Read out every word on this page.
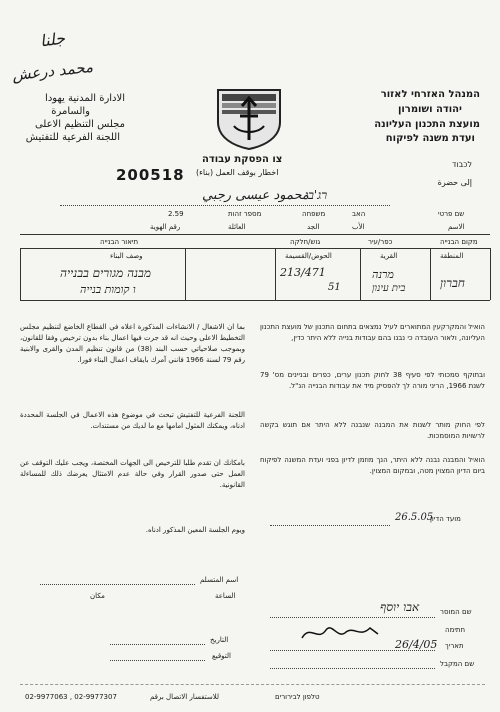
جلنا
محمد درعش
الادارة المدنية يهودا
والسامرة
مجلس التنظيم الاعلى
اللجنة الفرعية للتفتيش
המנהל האזרחי לאזור
יהודה ושומרון
מועצת התכנון העליונה
ועדת משנה לפיקוח
צו הפסקת עבודה
اخطار بوقف العمل (بناء)
200518
לכבוד
إلى حضرة
محمود عيسى رجبي
רג'בי
שם פרטי
الاسم
האב
الأب
משפחה
الجد
מספר זהות
العائلة
رقم الهوية
2.59
מקום הבנייה
כפר/עיר
גוש/חלקה
תיאור הבנייה
المنطقة
القرية
الحوض/القسيمة
وصف البناء
חברון
מרנה
בית עינון
213/471
51
מבנה מגורים בבנייה
ו קומות בנייה
بما ان الاشغال / الانشاءات المذكورة اعلاه في القطاع الخاضع لتنظيم مجلس التخطيط الاعلى وحيث انه قد جرت فيها اعمال بناء بدون ترخيص وفقا للقانون، وبموجب صلاحياتي حسب البند (38) من قانون تنظيم المدن والقرى والابنية رقم 79 لسنة 1966 فانني آمرك بايقاف اعمال البناء فورا.
اللجنة الفرعية للتفتيش تبحث في موضوع هذه الاعمال في الجلسة المحددة ادناه، ويمكنك المثول امامها مع ما لديك من مستندات.
بامكانك ان تقدم طلبا للترخيص الى الجهات المختصة، ويجب عليك التوقف عن العمل حتى صدور القرار وفي حالة عدم الامتثال يعرضك ذلك للمساءلة القانونية.
ويوم الجلسة المعين المذكور ادناه.
הואיל והמקרקעין המתוארים לעיל נמצאים בתחום התכנון של מועצת התכנון העליונה, ולאור העובדה כי נבנו בהם עבודות בנייה ללא היתר כדין,
ובתוקף סמכותי לפי סעיף 38 לחוק תכנון ערים, כפרים ובניינים מס' 79 לשנת 1966, הריני מורה לך להפסיק מיד את עבודות הבנייה הנ"ל.
לפי החוק מותר לשנות את המבנה שנבנה ללא היתר אם תוגש בקשה לרשויות המוסמכות.
הואיל והמבנה נבנה ללא היתר, הנך מוזמן לדיון בפני ועדת המשנה לפיקוח ביום הדיון המצוין מטה, ובמקום המצוין.
מועד הדיון
26.5.05
اسم المتسلم
الساعة
مكان
التاريخ
التوقيع
שם המוסר
אבו יוסף
חתימה
תאריך
26/4/05
שם המקבל
02-9977063 , 02-9977307	للاستفسار الاتصال برقم	טלפון לבירורים
